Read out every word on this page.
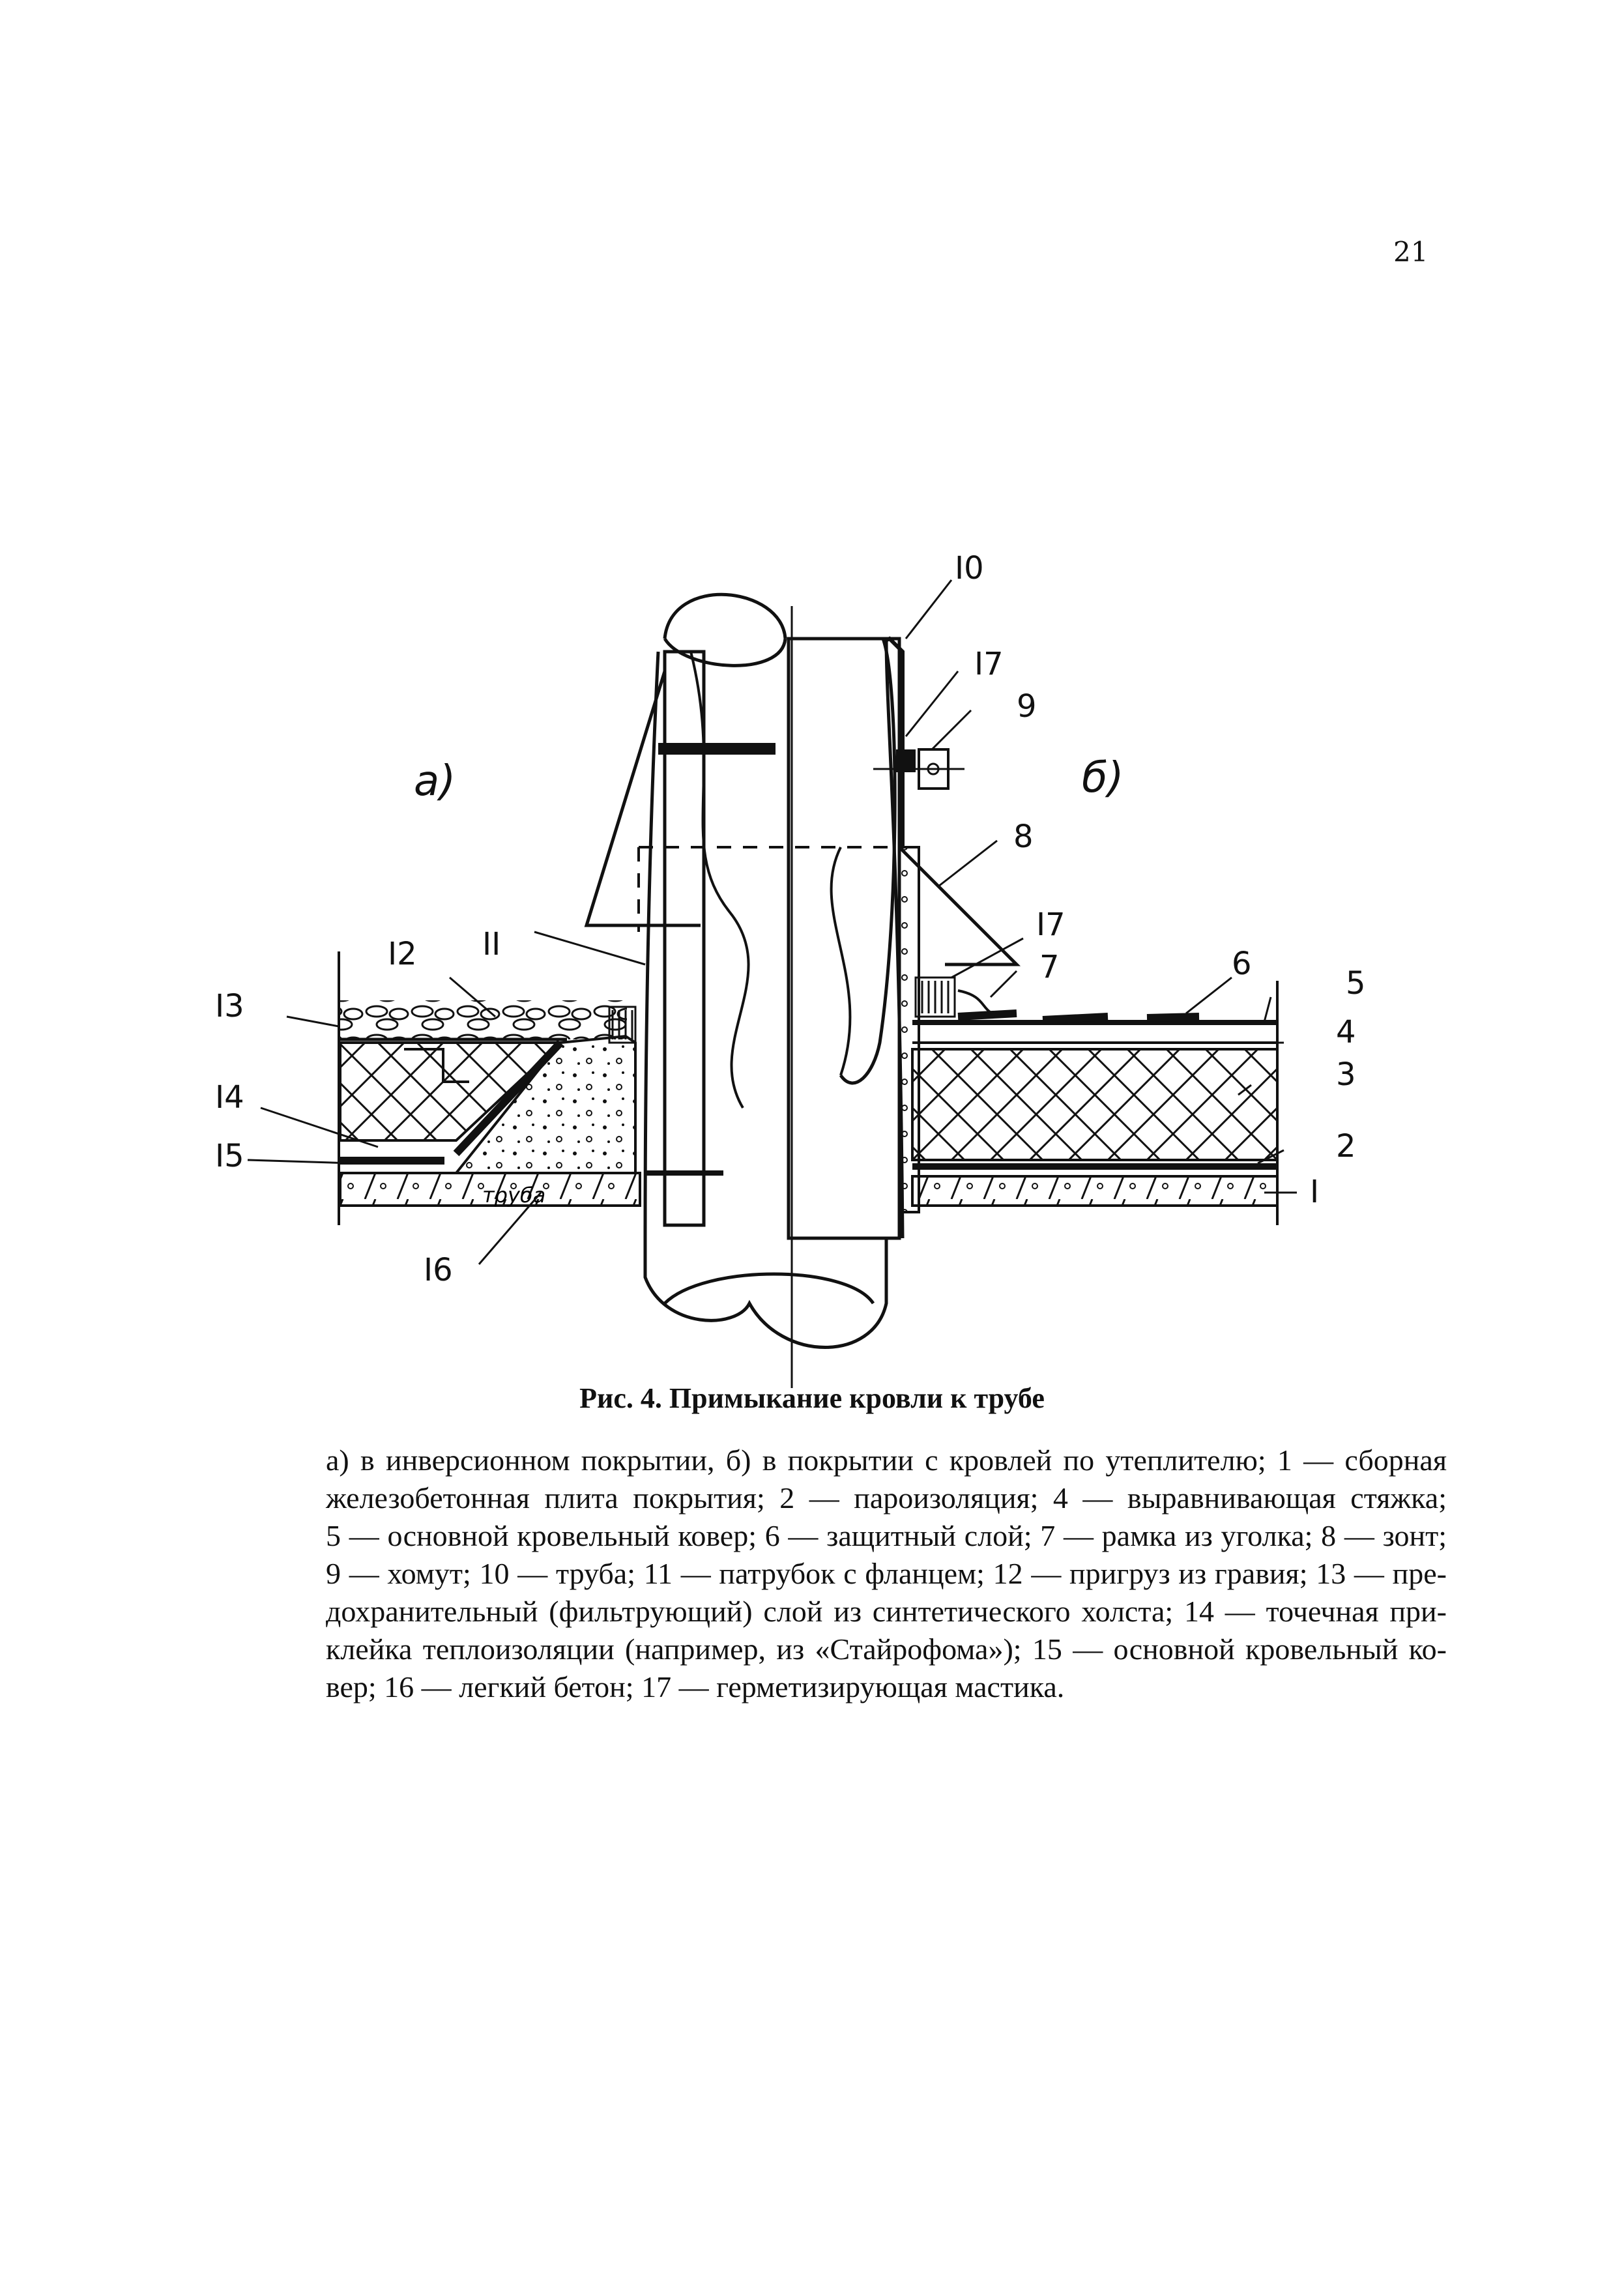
21
труба
а)	б)
I0
I7
9
8
I7
7	6
5
4
3
2
I
I2 II
I3
I4
I5
I6
Рис. 4. Примыкание кровли к трубе
а) в инверсионном покрытии, б) в покрытии с кровлей по утеплителю; 1 — сборная
железобетонная плита покрытия; 2 — пароизоляция; 4 — выравнивающая стяжка;
5 — основной кровельный ковер; 6 — защитный слой; 7 — рамка из уголка; 8 — зонт;
9 — хомут; 10 — труба; 11 — патрубок с фланцем; 12 — пригруз из гравия; 13 — пре-
дохранительный (фильтрующий) слой из синтетического холста; 14 — точечная при-
клейка теплоизоляции (например, из «Стайрофома»); 15 — основной кровельный ко-
вер; 16 — легкий бетон; 17 — герметизирующая мастика.
